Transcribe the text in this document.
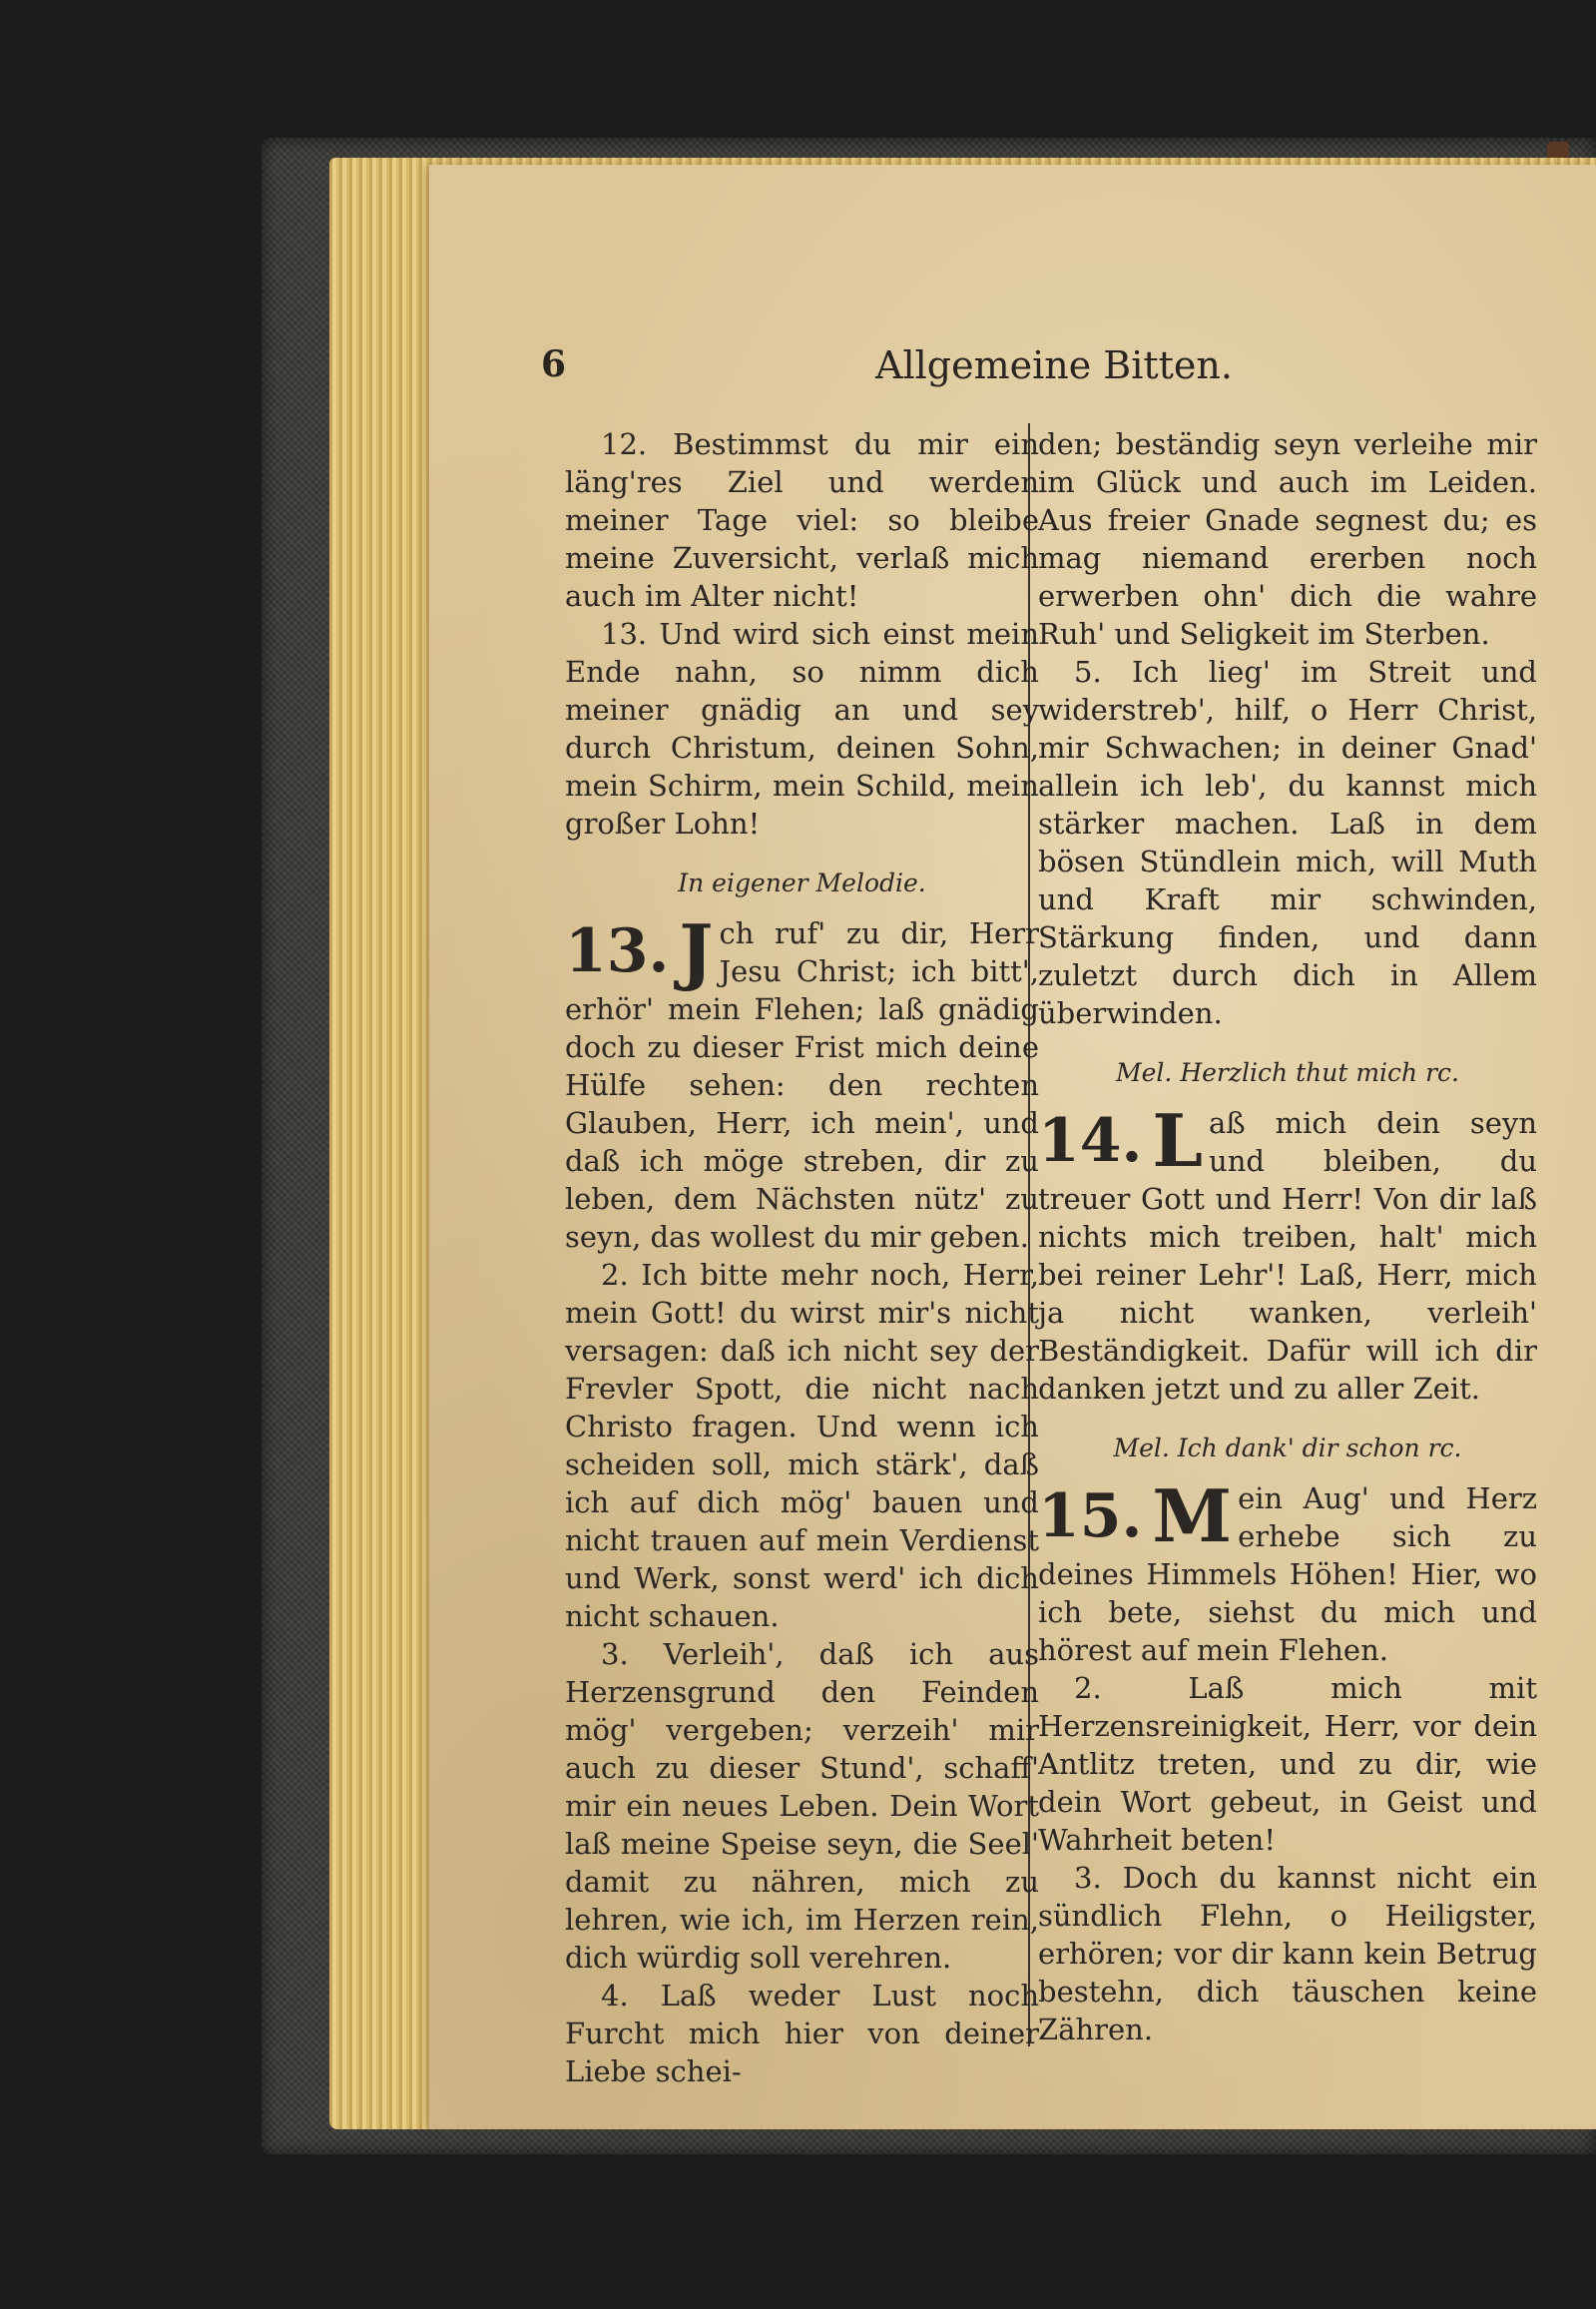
6	Allgemeine Bitten.

12. Bestimmst du mir ein läng'res Ziel und werden meiner Tage viel: so bleibe meine Zuversicht, verlaß mich auch im Alter nicht!

13. Und wird sich einst mein Ende nahn, so nimm dich meiner gnädig an und sey durch Christum, deinen Sohn, mein Schirm, mein Schild, mein großer Lohn!

In eigener Melodie.

13. J ch ruf' zu dir, Herr Jesu Christ; ich bitt', erhör' mein Flehen; laß gnädig doch zu dieser Frist mich deine Hülfe sehen: den rechten Glauben, Herr, ich mein', und daß ich möge streben, dir zu leben, dem Nächsten nütz' zu seyn, das wollest du mir geben.

2. Ich bitte mehr noch, Herr, mein Gott! du wirst mir's nicht versagen: daß ich nicht sey der Frevler Spott, die nicht nach Christo fragen. Und wenn ich scheiden soll, mich stärk', daß ich auf dich mög' bauen und nicht trauen auf mein Verdienst und Werk, sonst werd' ich dich nicht schauen.

3. Verleih', daß ich aus Herzensgrund den Feinden mög' vergeben; verzeih' mir auch zu dieser Stund', schaff' mir ein neues Leben. Dein Wort laß meine Speise seyn, die Seel' damit zu nähren, mich zu lehren, wie ich, im Herzen rein, dich würdig soll verehren.

4. Laß weder Lust noch Furcht mich hier von deiner Liebe schei-

den; beständig seyn verleihe mir im Glück und auch im Leiden. Aus freier Gnade segnest du; es mag niemand ererben noch erwerben ohn' dich die wahre Ruh' und Seligkeit im Sterben.

5. Ich lieg' im Streit und widerstreb', hilf, o Herr Christ, mir Schwachen; in deiner Gnad' allein ich leb', du kannst mich stärker machen. Laß in dem bösen Stündlein mich, will Muth und Kraft mir schwinden, Stärkung finden, und dann zuletzt durch dich in Allem überwinden.

Mel. Herzlich thut mich rc.

14. L aß mich dein seyn und bleiben, du treuer Gott und Herr! Von dir laß nichts mich treiben, halt' mich bei reiner Lehr'! Laß, Herr, mich ja nicht wanken, verleih' Beständigkeit. Dafür will ich dir danken jetzt und zu aller Zeit.

Mel. Ich dank' dir schon rc.

15. M ein Aug' und Herz erhebe sich zu deines Himmels Höhen! Hier, wo ich bete, siehst du mich und hörest auf mein Flehen.

2. Laß mich mit Herzensreinigkeit, Herr, vor dein Antlitz treten, und zu dir, wie dein Wort gebeut, in Geist und Wahrheit beten!

3. Doch du kannst nicht ein sündlich Flehn, o Heiligster, erhören; vor dir kann kein Betrug bestehn, dich täuschen keine Zähren.
